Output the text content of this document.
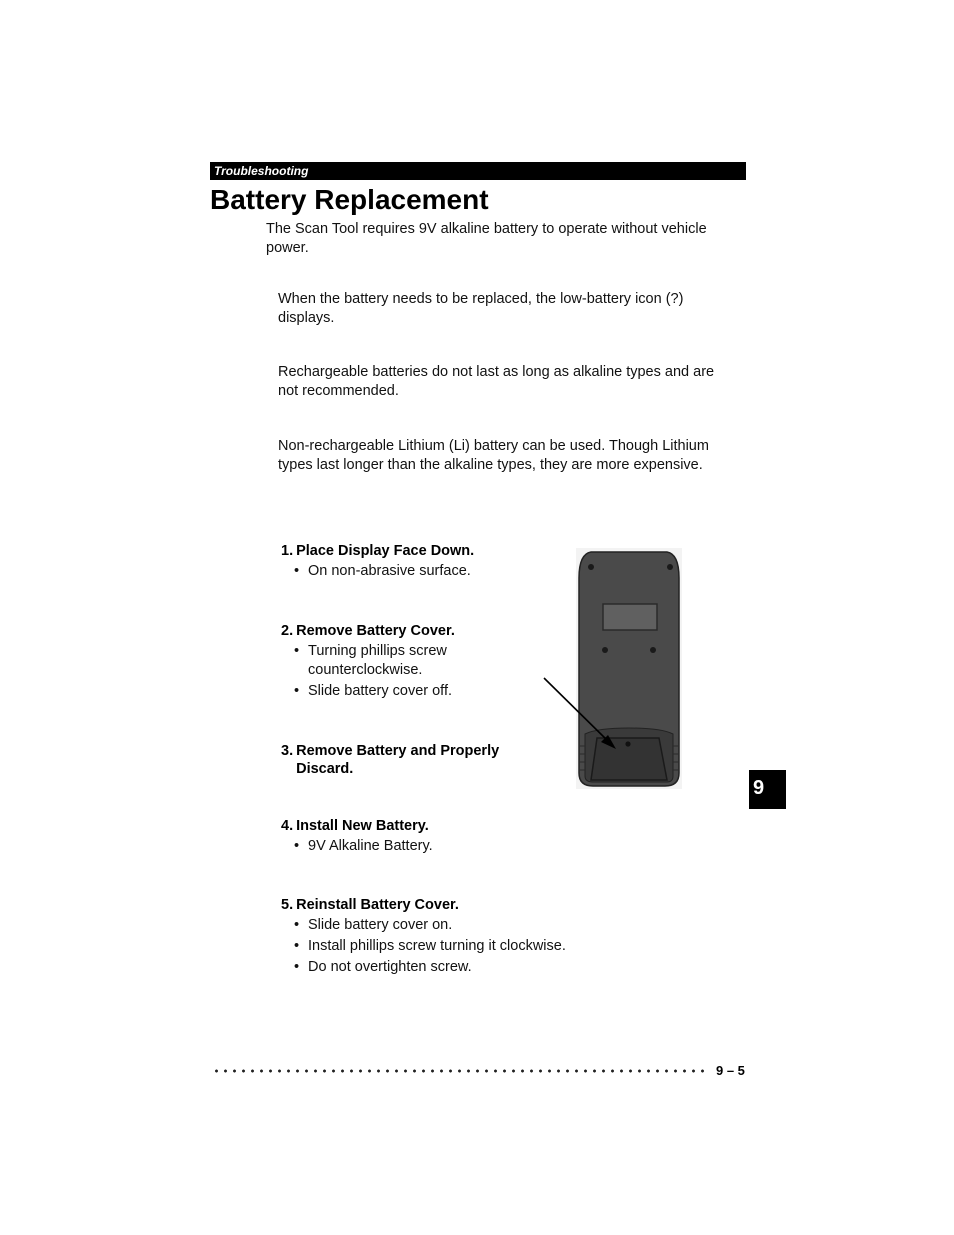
Troubleshooting
Battery Replacement

The Scan Tool requires 9V alkaline battery to operate without vehicle power.

When the battery needs to be replaced, the low-battery icon (?) displays.

Rechargeable batteries do not last as long as alkaline types and are not recommended.

Non-rechargeable Lithium (Li) battery can be used. Though Lithium types last longer than the alkaline types, they are more expensive.

1. Place Display Face Down.
• On non-abrasive surface.
2. Remove Battery Cover.
• Turning phillips screw counterclockwise.
• Slide battery cover off.
3. Remove Battery and Properly Discard.
4. Install New Battery.
• 9V Alkaline Battery.
5. Reinstall Battery Cover.
• Slide battery cover on.
• Install phillips screw turning it clockwise.
• Do not overtighten screw.
9
9 – 5
